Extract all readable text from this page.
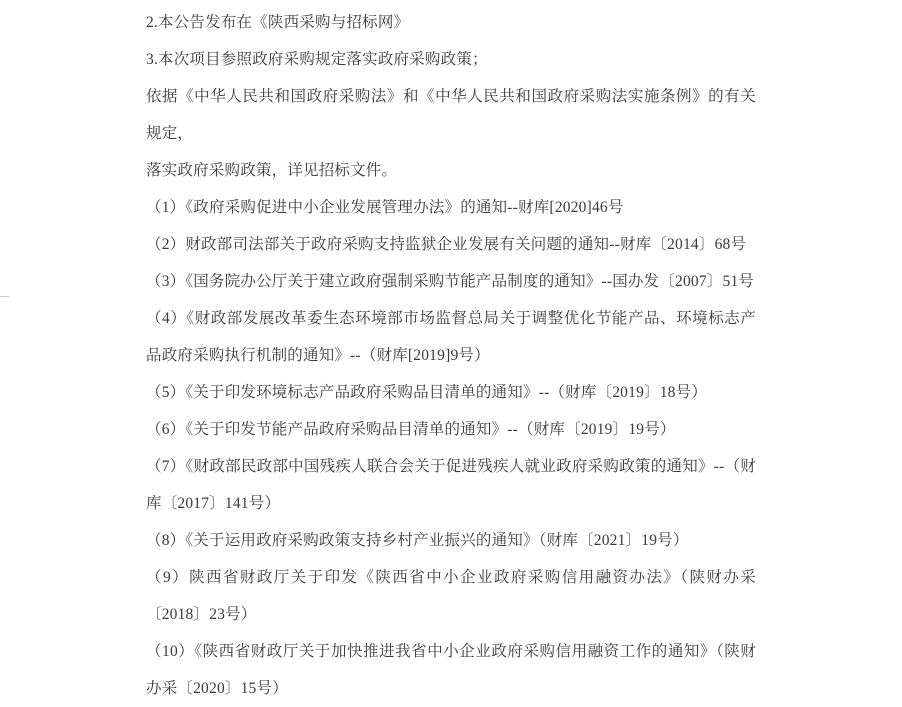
2.本公告发布在《陕西采购与招标网》

3.本次项目参照政府采购规定落实政府采购政策；

依据《中华人民共和国政府采购法》和《中华人民共和国政府采购法实施条例》的有关规定，

落实政府采购政策，详见招标文件。

（1）《政府采购促进中小企业发展管理办法》的通知--财库[2020]46号

（2）财政部司法部关于政府采购支持监狱企业发展有关问题的通知--财库〔2014〕68号

（3）《国务院办公厅关于建立政府强制采购节能产品制度的通知》--国办发〔2007〕51号

（4）《财政部发展改革委生态环境部市场监督总局关于调整优化节能产品、环境标志产品政府采购执行机制的通知》--（财库[2019]9号）

（5）《关于印发环境标志产品政府采购品目清单的通知》--（财库〔2019〕18号）

（6）《关于印发节能产品政府采购品目清单的通知》--（财库〔2019〕19号）

（7）《财政部民政部中国残疾人联合会关于促进残疾人就业政府采购政策的通知》--（财库〔2017〕141号）

（8）《关于运用政府采购政策支持乡村产业振兴的通知》（财库〔2021〕19号）

（9）陕西省财政厅关于印发《陕西省中小企业政府采购信用融资办法》（陕财办采〔2018〕23号）

（10）《陕西省财政厅关于加快推进我省中小企业政府采购信用融资工作的通知》（陕财办采〔2020〕15号）
